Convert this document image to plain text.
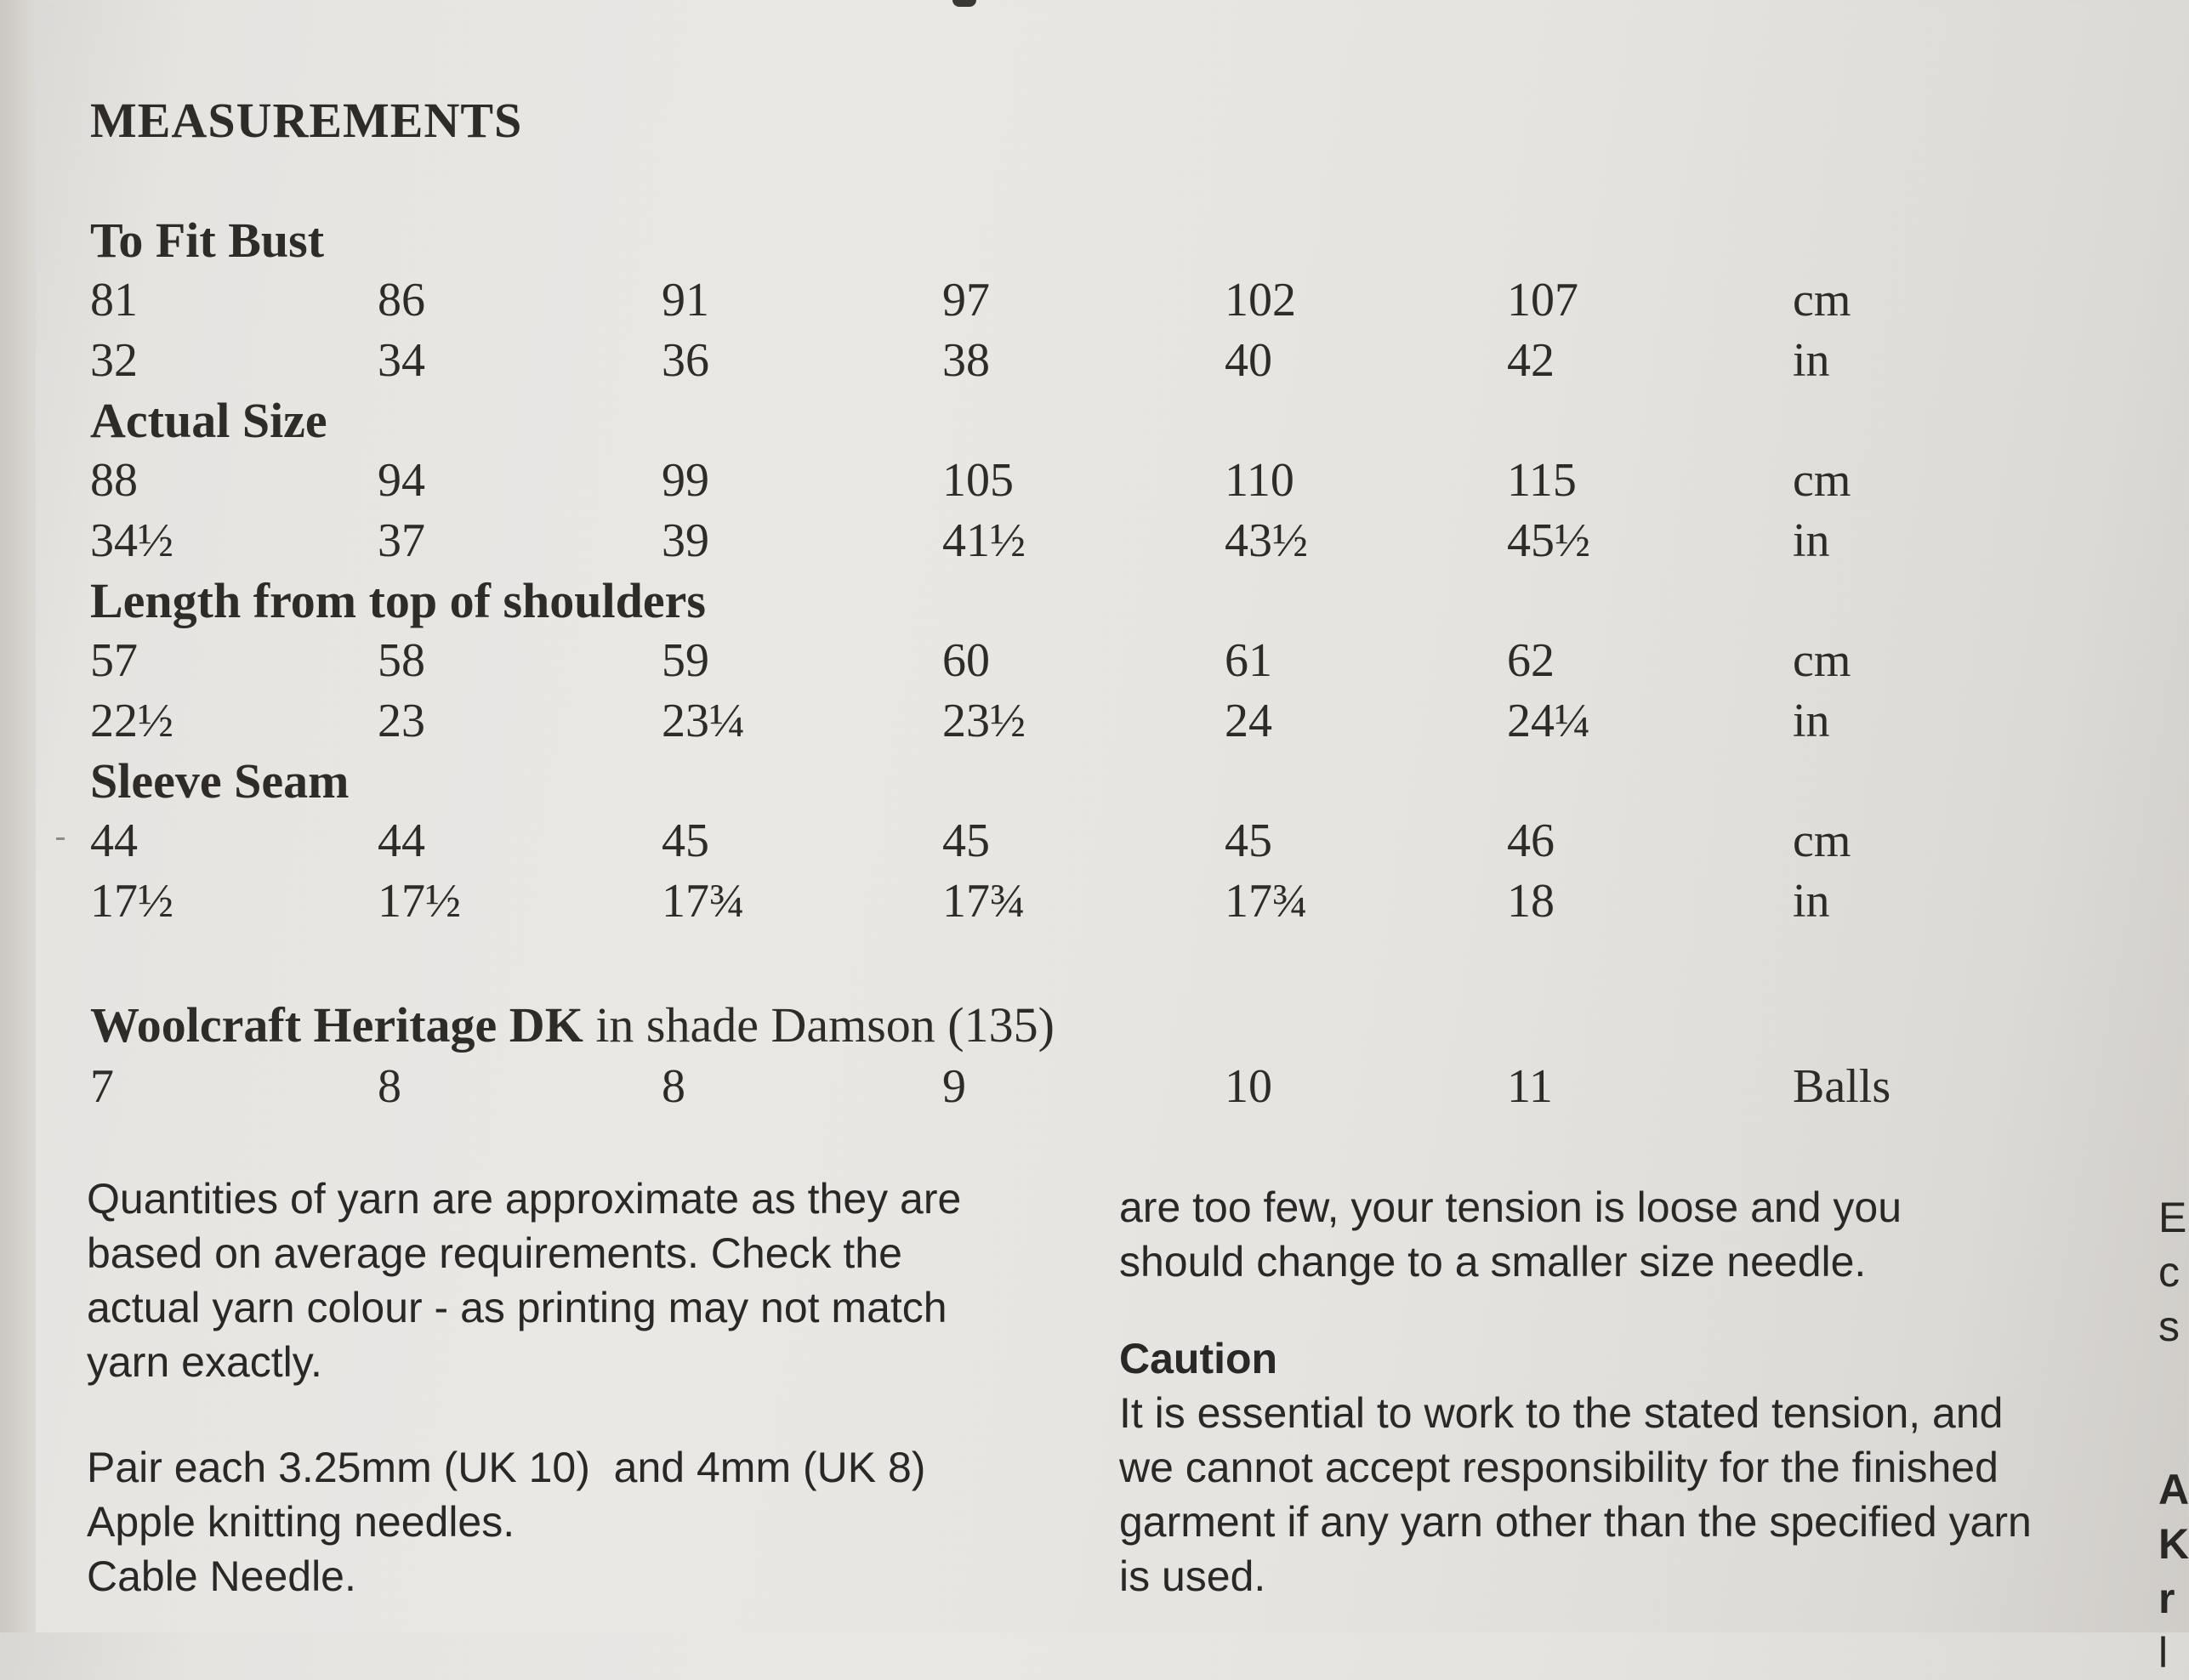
MEASUREMENTS
To Fit Bust
81	86	91	97	102	107	cm
32	34	36	38	40	42	in
Actual Size
88	94	99	105	110	115	cm
34½	37	39	41½	43½	45½	in
Length from top of shoulders
57	58	59	60	61	62	cm
22½	23	23¼	23½	24	24¼	in
Sleeve Seam
44	44	45	45	45	46	cm
17½	17½	17¾	17¾	17¾	18	in
Woolcraft Heritage DK in shade Damson (135)
7	8	8	9	10	11	Balls

Quantities of yarn are approximate as they are

based on average requirements. Check the

actual yarn colour - as printing may not match

yarn exactly.

Pair each 3.25mm (UK 10)  and 4mm (UK 8)

Apple knitting needles.

Cable Needle.

are too few, your tension is loose and you

should change to a smaller size needle.

Caution

It is essential to work to the stated tension, and

we cannot accept responsibility for the finished

garment if any yarn other than the specified yarn

is used.

E
c
s
A
K
r
l
